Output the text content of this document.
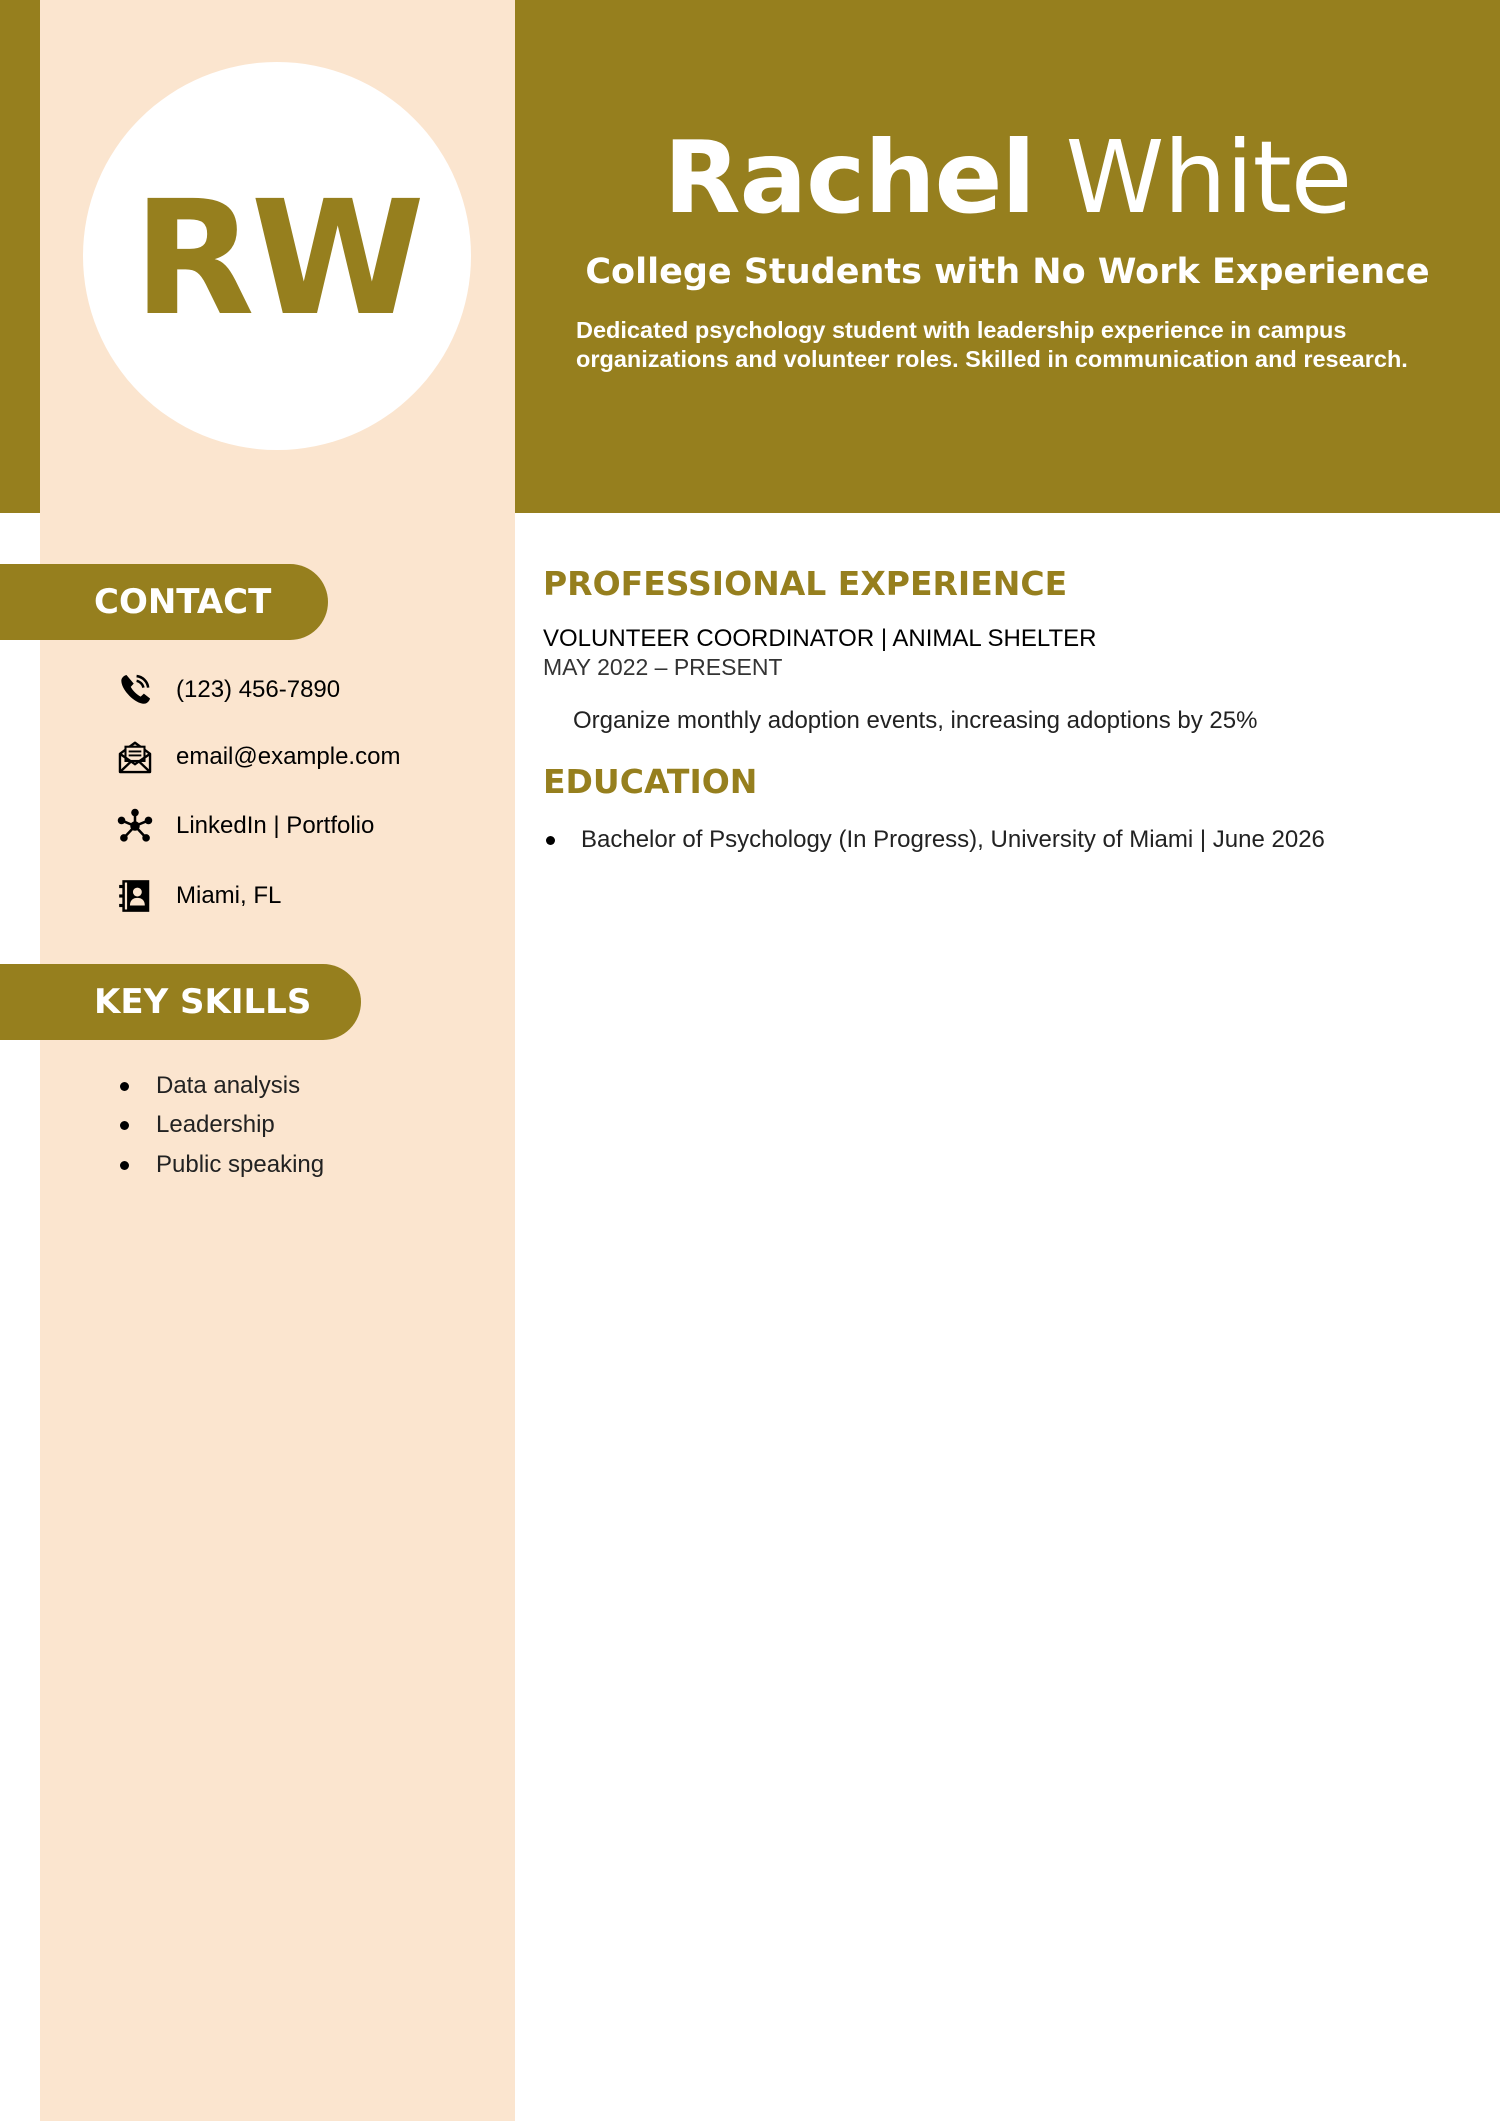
RW	Rachel White
College Students with No Work Experience
Dedicated psychology student with leadership experience in campus organizations and volunteer roles. Skilled in communication and research.
CONTACT
(123) 456-7890
email@example.com
LinkedIn | Portfolio
Miami, FL
KEY SKILLS
Data analysis
Leadership
Public speaking
PROFESSIONAL EXPERIENCE
VOLUNTEER COORDINATOR | ANIMAL SHELTER
MAY 2022 – PRESENT
Organize monthly adoption events, increasing adoptions by 25%
EDUCATION
Bachelor of Psychology (In Progress), University of Miami | June 2026
